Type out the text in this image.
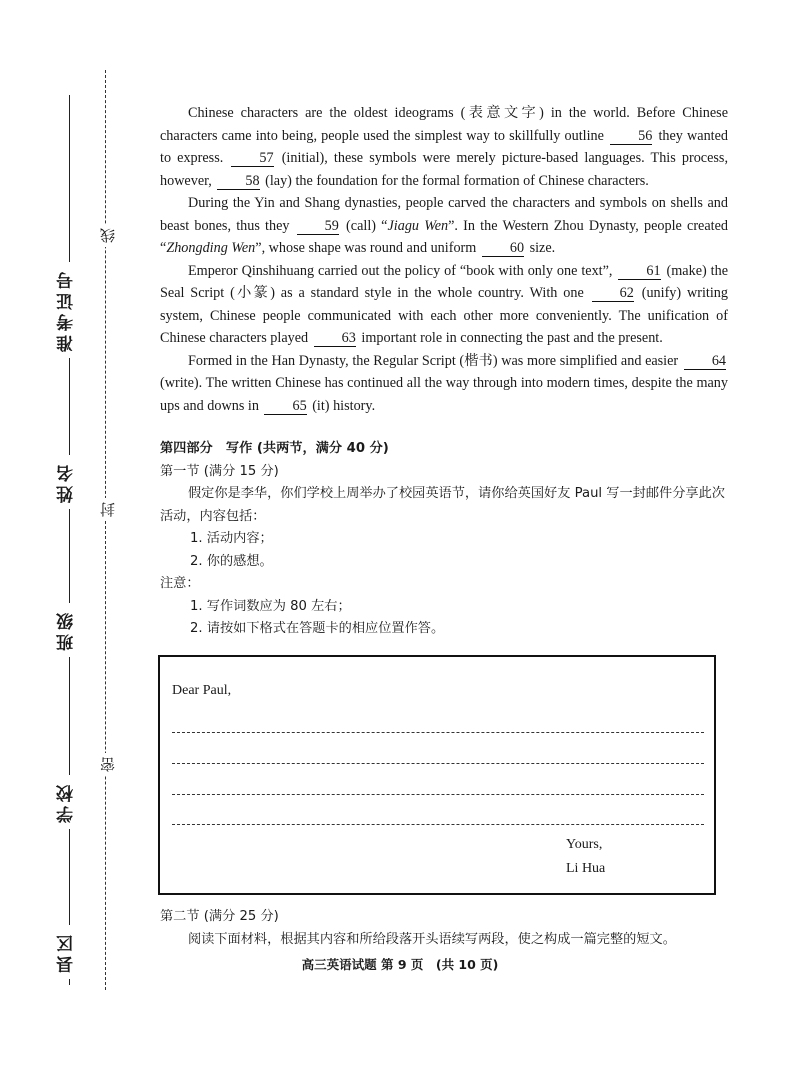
准考证号
姓名
班级
学校
县区
线
封
密

Chinese characters are the oldest ideograms (表意文字) in the world. Before Chinese characters came into being, people used the simplest way to skillfully outline 56 they wanted to express. 57 (initial), these symbols were merely picture-based languages. This process, however, 58 (lay) the foundation for the formal formation of Chinese characters.

During the Yin and Shang dynasties, people carved the characters and symbols on shells and beast bones, thus they 59 (call) “Jiagu Wen”. In the Western Zhou Dynasty, people created “Zhongding Wen”, whose shape was round and uniform 60 size.

Emperor Qinshihuang carried out the policy of “book with only one text”, 61 (make) the Seal Script (小篆) as a standard style in the whole country. With one 62 (unify) writing system, Chinese people communicated with each other more conveniently. The unification of Chinese characters played 63 important role in connecting the past and the present.

Formed in the Han Dynasty, the Regular Script (楷书) was more simplified and easier 64 (write). The written Chinese has continued all the way through into modern times, despite the many ups and downs in 65 (it) history.

第四部分　写作 (共两节，满分 40 分)
第一节 (满分 15 分)
假定你是李华，你们学校上周举办了校园英语节，请你给英国好友 Paul 写一封邮件分享此次活动，内容包括：
1. 活动内容；
2. 你的感想。
注意：
1. 写作词数应为 80 左右；
2. 请按如下格式在答题卡的相应位置作答。
Dear Paul,
Yours,
Li Hua
第二节 (满分 25 分)
阅读下面材料，根据其内容和所给段落开头语续写两段，使之构成一篇完整的短文。
高三英语试题 第 9 页　(共 10 页)
